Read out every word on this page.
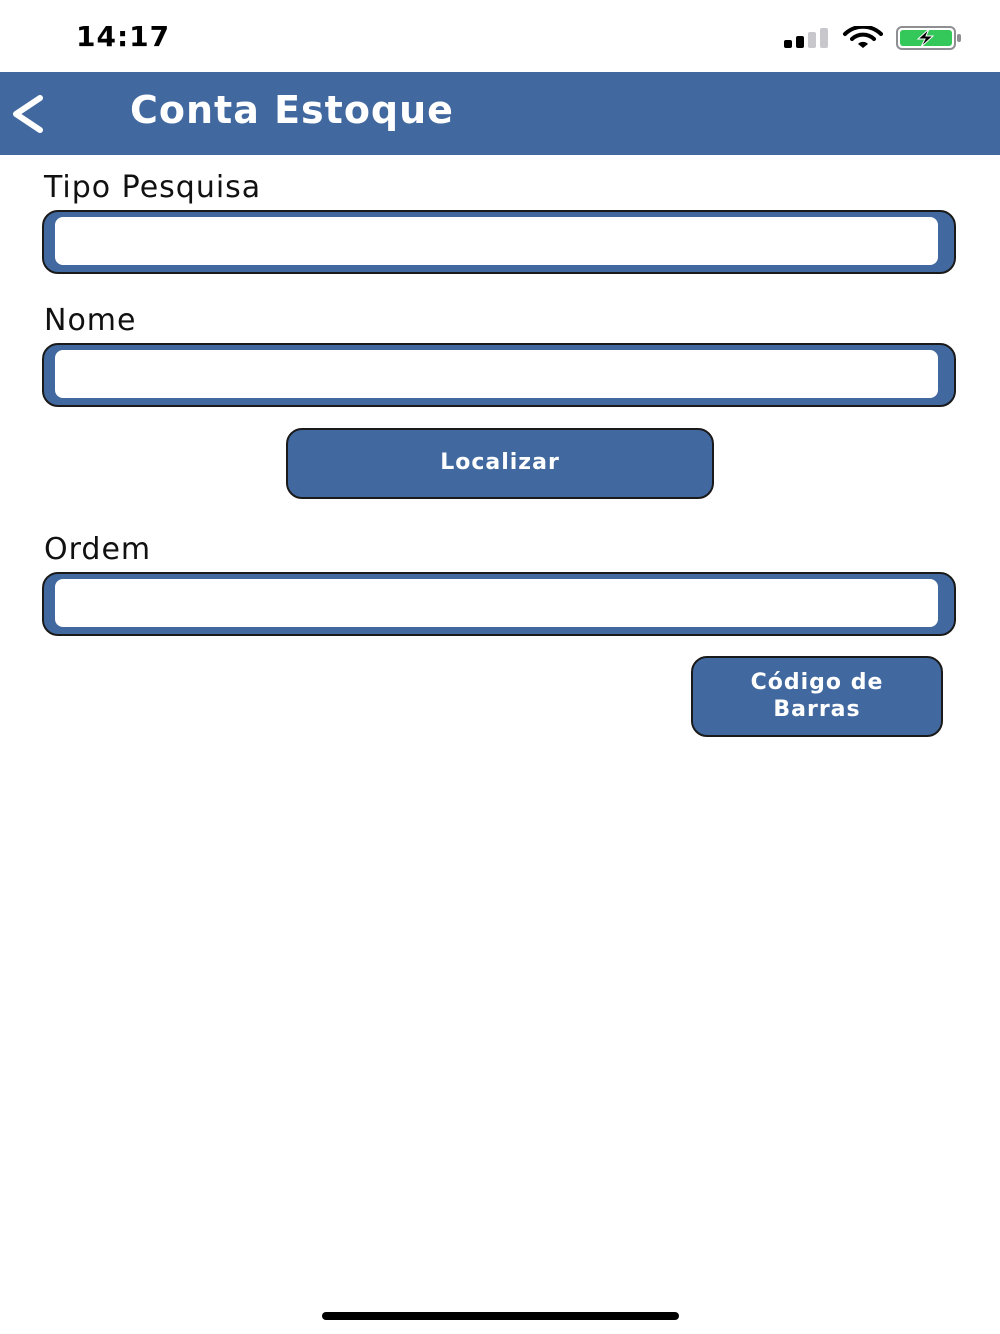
14:17
Conta Estoque
Tipo Pesquisa
Nome
Localizar
Ordem
Código de Barras
